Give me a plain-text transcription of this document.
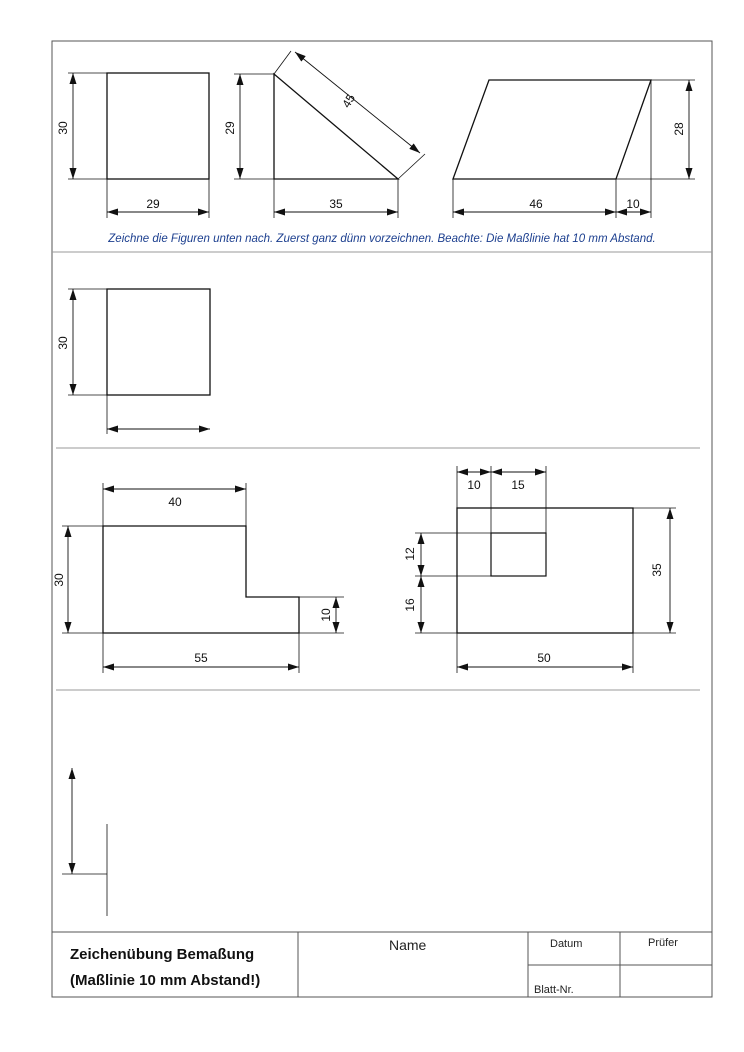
30
29
29
35
45
46	10
28
30
40
30
10
55
10	15
12
16
35
50
Zeichne die Figuren unten nach. Zuerst ganz dünn vorzeichnen. Beachte: Die Maßlinie hat 10 mm Abstand.
Zeichenübung Bemaßung
(Maßlinie 10 mm Abstand!)
Name	Datum	Prüfer
Blatt-Nr.
